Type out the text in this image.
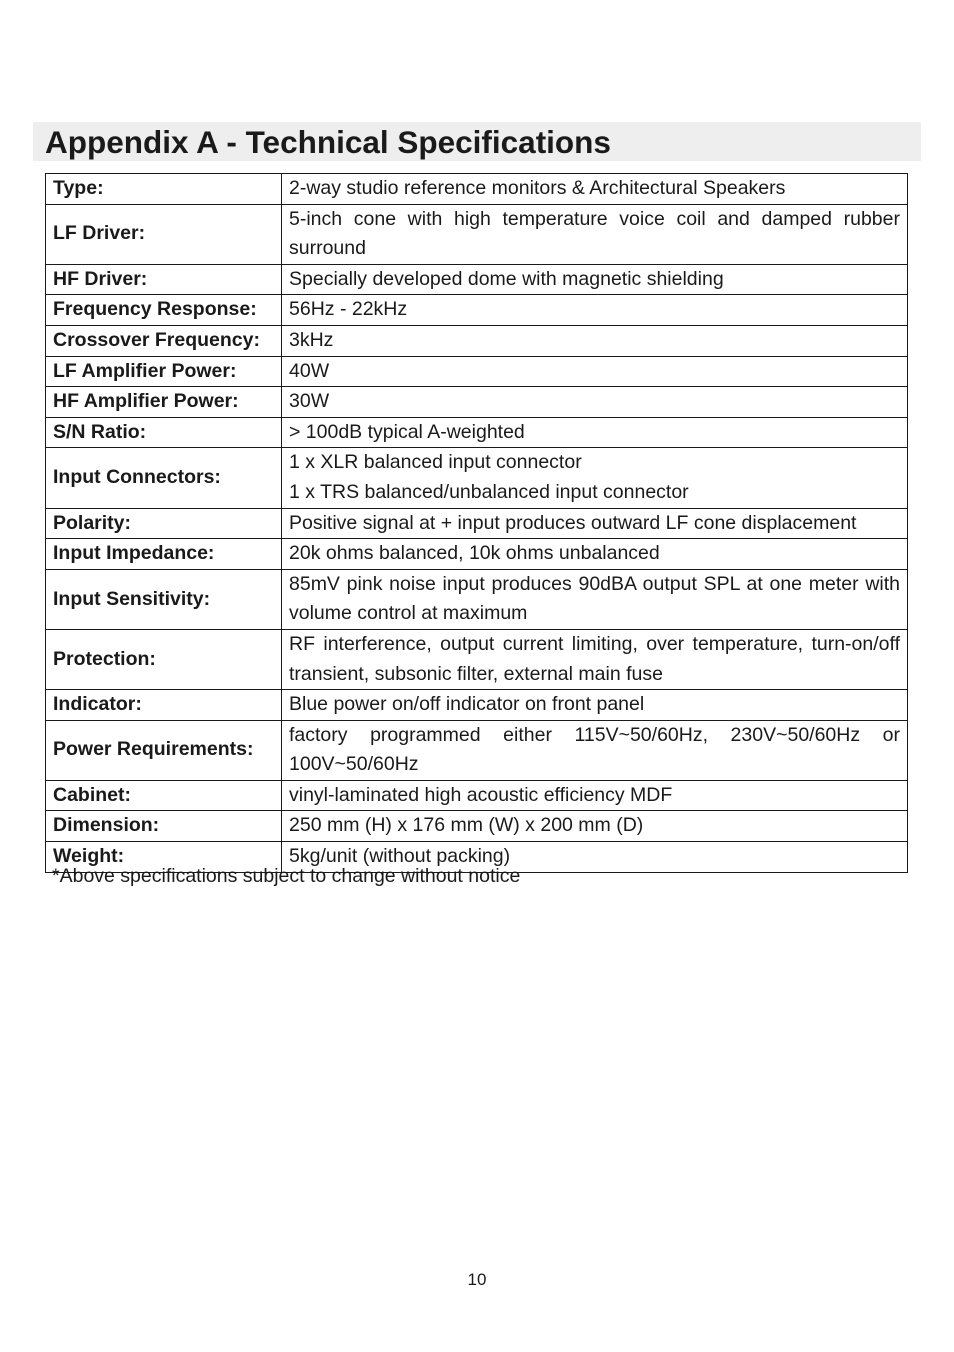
Appendix A - Technical Specifications
Type:	2-way studio reference monitors & Architectural Speakers
LF Driver:	5-inch cone with high temperature voice coil and damped rubber surround
HF Driver:	Specially developed dome with magnetic shielding
Frequency Response:	56Hz - 22kHz
Crossover Frequency:	3kHz
LF Amplifier Power:	40W
HF Amplifier Power:	30W
S/N Ratio:	> 100dB typical A-weighted
Input Connectors:	1 x XLR balanced input connector
1 x TRS balanced/unbalanced input connector

Polarity:	Positive signal at + input produces outward LF cone displacement
Input Impedance:	20k ohms balanced, 10k ohms unbalanced
Input Sensitivity:	85mV pink noise input produces 90dBA output SPL at one meter with volume control at maximum
Protection:	RF interference, output current limiting, over temperature, turn-on/off transient, subsonic filter, external main fuse
Indicator:	Blue power on/off indicator on front panel
Power Requirements:	factory programmed either 115V~50/60Hz, 230V~50/60Hz or 100V~50/60Hz
Cabinet:	vinyl-laminated high acoustic efficiency MDF
Dimension:	250 mm (H) x 176 mm (W) x 200 mm (D)
Weight:	5kg/unit (without packing)
*Above specifications subject to change without notice
10
